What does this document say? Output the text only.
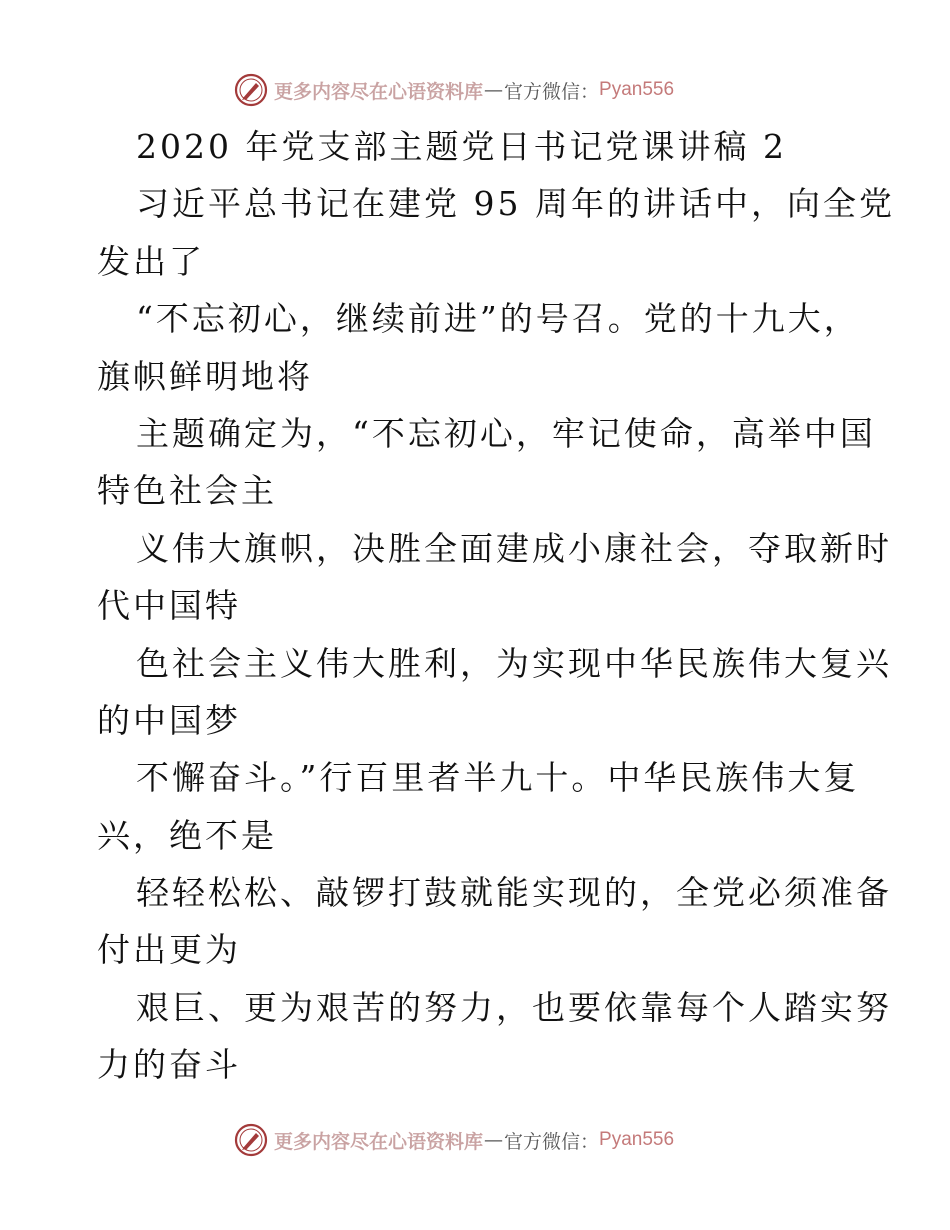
更多内容尽在心语资料库 — 官方微信： Pyan556
2020 年党支部主题党日书记党课讲稿 2
习近平总书记在建党 95 周年的讲话中，向全党
发出了
“不忘初心，继续前进”的号召。党的十九大，
旗帜鲜明地将
主题确定为，“不忘初心，牢记使命，高举中国
特色社会主
义伟大旗帜，决胜全面建成小康社会，夺取新时
代中国特
色社会主义伟大胜利，为实现中华民族伟大复兴
的中国梦
不懈奋斗。”行百里者半九十。中华民族伟大复
兴，绝不是
轻轻松松、敲锣打鼓就能实现的，全党必须准备
付出更为
艰巨、更为艰苦的努力，也要依靠每个人踏实努
力的奋斗
更多内容尽在心语资料库 — 官方微信： Pyan556
